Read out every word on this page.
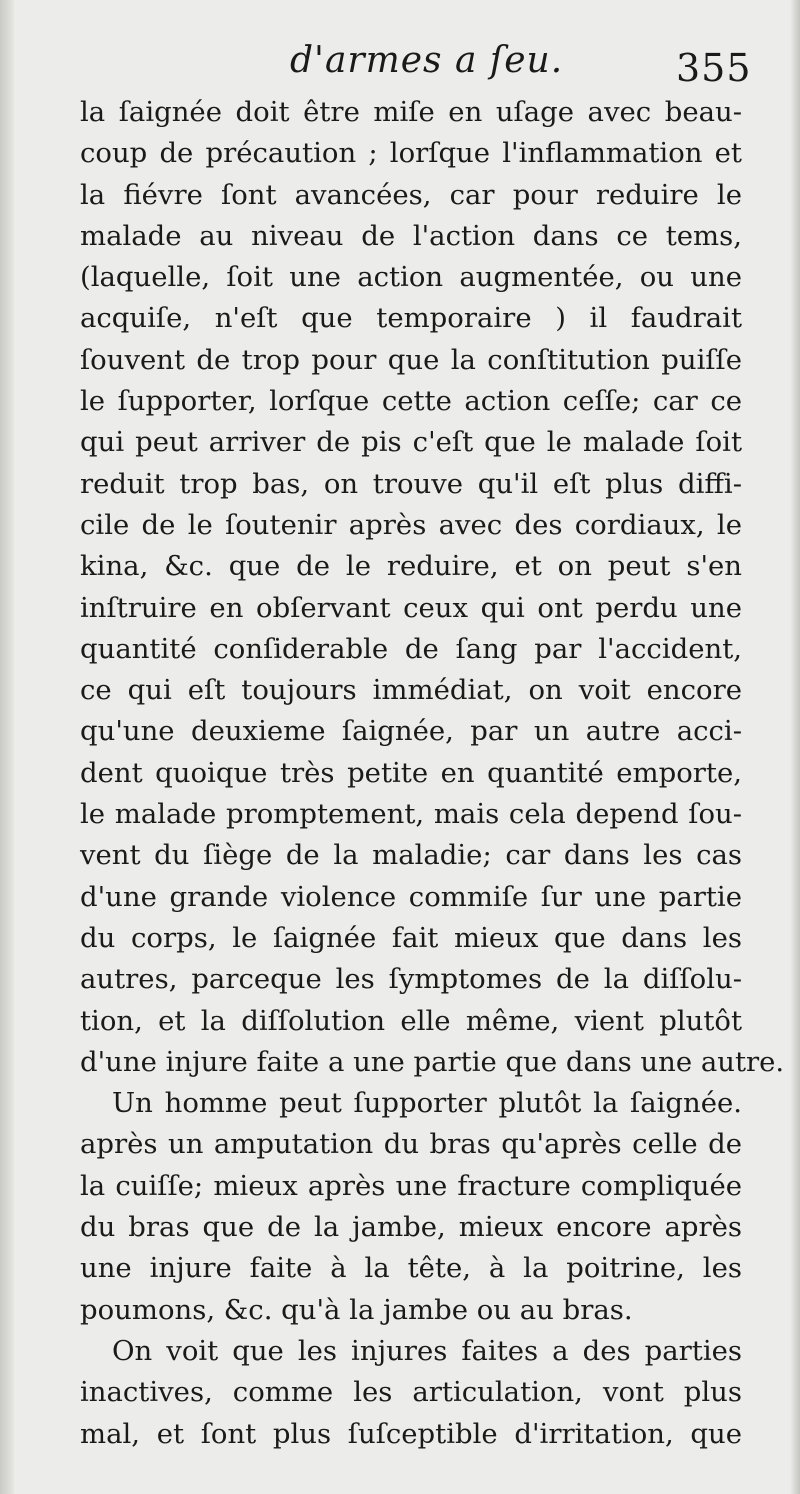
d'armes a ſeu.	355
la ſaignée doit être miſe en uſage avec beau-
coup de précaution ; lorſque l'inflammation et
la fiévre ſont avancées, car pour reduire le
malade au niveau de l'action dans ce tems,
(laquelle, ſoit une action augmentée, ou une
acquiſe, n'eſt que temporaire ) il faudrait
ſouvent de trop pour que la conſtitution puiſſe
le ſupporter, lorſque cette action ceſſe; car ce
qui peut arriver de pis c'eſt que le malade ſoit
reduit trop bas, on trouve qu'il eſt plus diffi-
cile de le ſoutenir après avec des cordiaux, le
kina, &c. que de le reduire, et on peut s'en
inſtruire en obſervant ceux qui ont perdu une
quantité conſiderable de ſang par l'accident,
ce qui eſt toujours immédiat, on voit encore
qu'une deuxieme ſaignée, par un autre acci-
dent quoique très petite en quantité emporte,
le malade promptement, mais cela depend ſou-
vent du ſiège de la maladie; car dans les cas
d'une grande violence commiſe ſur une partie
du corps, le ſaignée fait mieux que dans les
autres, parceque les ſymptomes de la diſſolu-
tion, et la diſſolution elle même, vient plutôt
d'une injure faite a une partie que dans une autre.
Un homme peut ſupporter plutôt la ſaignée.
après un amputation du bras qu'après celle de
la cuiſſe; mieux après une fracture compliquée
du bras que de la jambe, mieux encore après
une injure faite à la tête, à la poitrine, les
poumons, &c. qu'à la jambe ou au bras.
On voit que les injures faites a des parties
inactives, comme les articulation, vont plus
mal, et ſont plus ſuſceptible d'irritation, que
